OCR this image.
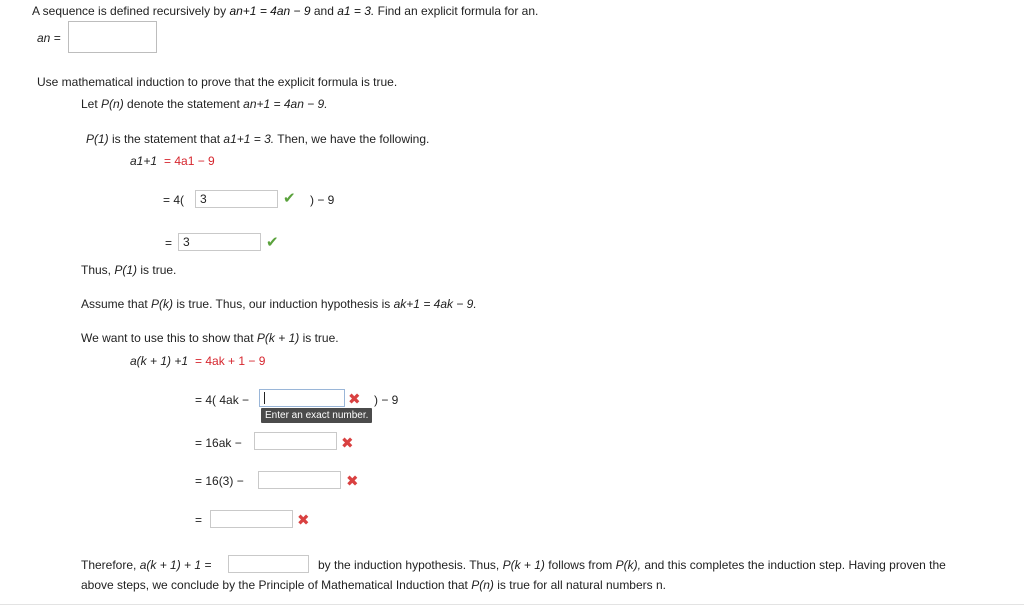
A sequence is defined recursively by an+1 = 4an − 9 and a1 = 3. Find an explicit formula for an.
an =
Use mathematical induction to prove that the explicit formula is true.
Let P(n) denote the statement an+1 = 4an − 9.
P(1) is the statement that a1+1 = 3. Then, we have the following.
a1+1 = 4a1 − 9
= 4(
3	✔ ) − 9
=
3	✔
Thus, P(1) is true.
Assume that P(k) is true. Thus, our induction hypothesis is ak+1 = 4ak − 9.
We want to use this to show that P(k + 1) is true.
a(k + 1) +1 = 4ak + 1 − 9
= 4( 4ak −	✖ ) − 9
Enter an exact number.
= 16ak −	✖
= 16(3) −	✖
=	✖
Therefore, a(k + 1) + 1 =	by the induction hypothesis. Thus, P(k + 1) follows from P(k), and this completes the induction step. Having proven the
above steps, we conclude by the Principle of Mathematical Induction that P(n) is true for all natural numbers n.
